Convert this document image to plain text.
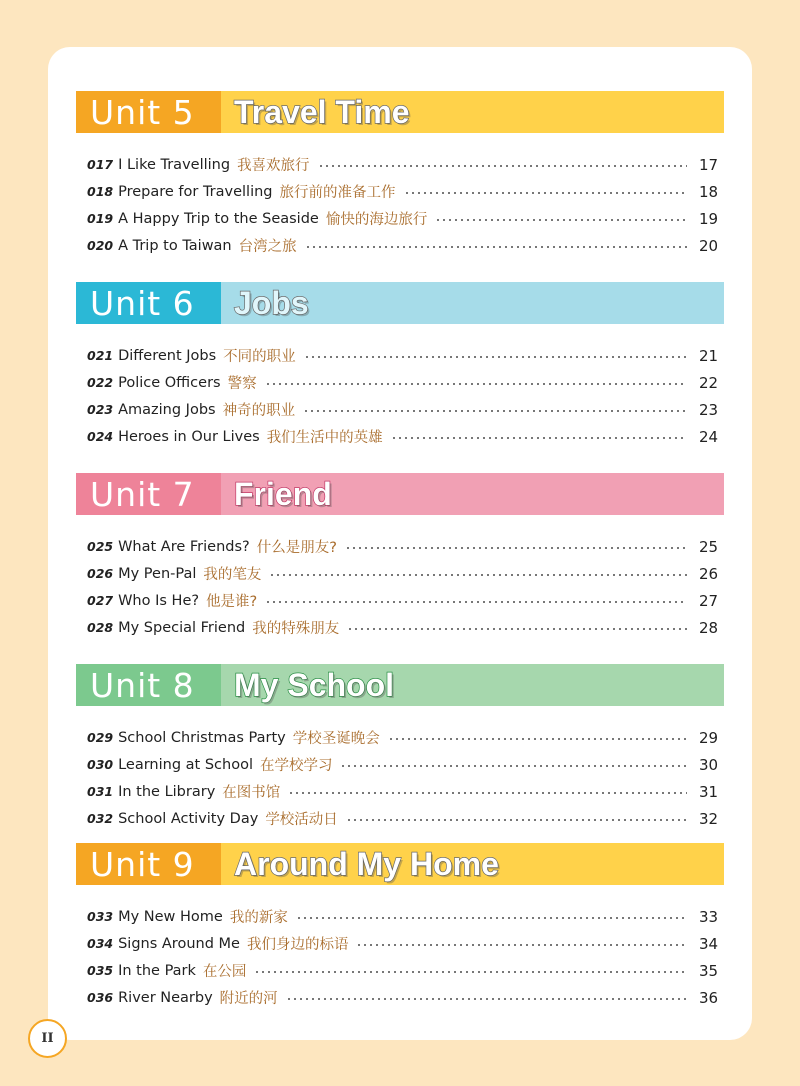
Unit 5	Travel Time
017 I Like Travelling 我喜欢旅行	17
018 Prepare for Travelling 旅行前的准备工作	18
019 A Happy Trip to the Seaside 愉快的海边旅行	19
020 A Trip to Taiwan 台湾之旅	20
Unit 6	Jobs
021 Different Jobs 不同的职业	21
022 Police Officers 警察	22
023 Amazing Jobs 神奇的职业	23
024 Heroes in Our Lives 我们生活中的英雄	24
Unit 7	Friend
025 What Are Friends? 什么是朋友?	25
026 My Pen-Pal 我的笔友	26
027 Who Is He? 他是谁?	27
028 My Special Friend 我的特殊朋友	28
Unit 8	My School
029 School Christmas Party 学校圣诞晚会	29
030 Learning at School 在学校学习	30
031 In the Library 在图书馆	31
032 School Activity Day 学校活动日	32
Unit 9	Around My Home
033 My New Home 我的新家	33
034 Signs Around Me 我们身边的标语	34
035 In the Park 在公园	35
036 River Nearby 附近的河	36
II
